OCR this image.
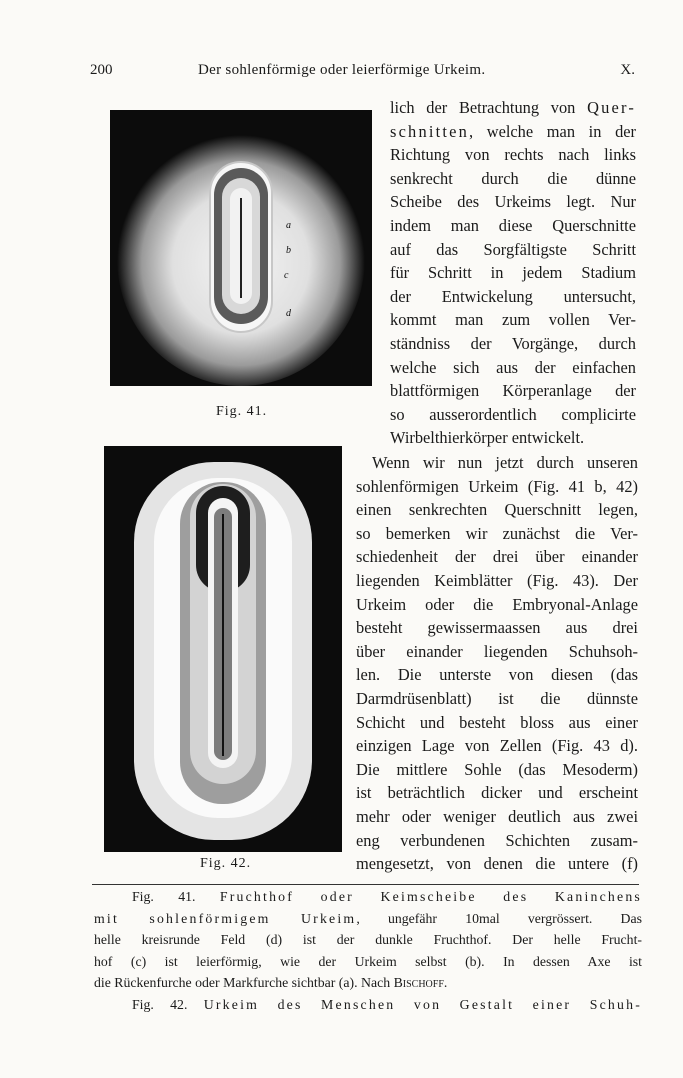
200	Der sohlenförmige oder leierförmige Urkeim.	X.
a
b
c
d
Fig. 41.
Fig. 42.
lich der Betrachtung von Quer-
schnitten, welche man in der
Richtung von rechts nach links
senkrecht durch die dünne
Scheibe des Urkeims legt. Nur
indem man diese Querschnitte
auf das Sorgfältigste Schritt
für Schritt in jedem Stadium
der Entwickelung untersucht,
kommt man zum vollen Ver-
ständniss der Vorgänge, durch
welche sich aus der einfachen
blattförmigen Körperanlage der
so ausserordentlich complicirte
Wirbelthierkörper entwickelt.
Wenn wir nun jetzt durch unseren
sohlenförmigen Urkeim (Fig. 41 b, 42)
einen senkrechten Querschnitt legen,
so bemerken wir zunächst die Ver-
schiedenheit der drei über einander
liegenden Keimblätter (Fig. 43). Der
Urkeim oder die Embryonal-Anlage
besteht gewissermaassen aus drei
über einander liegenden Schuhsoh-
len. Die unterste von diesen (das
Darmdrüsenblatt) ist die dünnste
Schicht und besteht bloss aus einer
einzigen Lage von Zellen (Fig. 43 d).
Die mittlere Sohle (das Mesoderm)
ist beträchtlich dicker und erscheint
mehr oder weniger deutlich aus zwei
eng verbundenen Schichten zusam-
mengesetzt, von denen die untere (f)
Fig. 41. Fruchthof oder Keimscheibe des Kaninchens
mit sohlenförmigem Urkeim, ungefähr 10mal vergrössert. Das
helle kreisrunde Feld (d) ist der dunkle Fruchthof. Der helle Frucht-
hof (c) ist leierförmig, wie der Urkeim selbst (b). In dessen Axe ist
die Rückenfurche oder Markfurche sichtbar (a). Nach Bischoff.
Fig. 42. Urkeim des Menschen von Gestalt einer Schuh-
